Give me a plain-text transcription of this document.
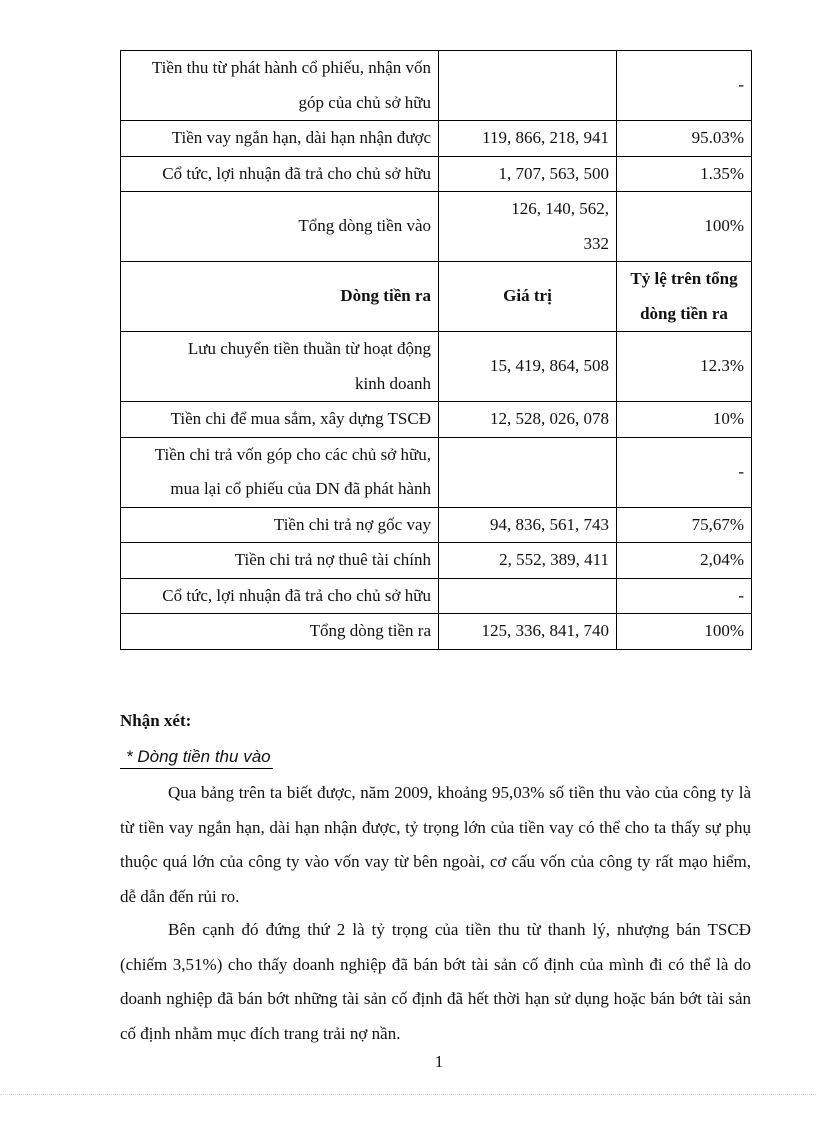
Tiền thu từ phát hành cổ phiếu, nhận vốn góp của chủ sở hữu		-
Tiền vay ngắn hạn, dài hạn nhận được	119, 866, 218, 941	95.03%
Cổ tức, lợi nhuận đã trả cho chủ sở hữu	1, 707, 563, 500	1.35%
Tổng dòng tiền vào	126, 140, 562, 332	100%
Dòng tiền ra	Giá trị	Tỷ lệ trên tổng dòng tiền ra
Lưu chuyển tiền thuần từ hoạt động kinh doanh	15, 419, 864, 508	12.3%
Tiền chi để mua sắm, xây dựng TSCĐ	12, 528, 026, 078	10%
Tiền chi trả vốn góp cho các chủ sở hữu, mua lại cổ phiếu của DN đã phát hành		-
Tiền chi trả nợ gốc vay	94, 836, 561, 743	75,67%
Tiền chi trả nợ thuê tài chính	2, 552, 389, 411	2,04%
Cổ tức, lợi nhuận đã trả cho chủ sở hữu		-
Tổng dòng tiền ra	125, 336, 841, 740	100%
Nhận xét:
* Dòng tiền thu vào

Qua bảng trên ta biết được, năm 2009, khoảng 95,03% số tiền thu vào của công ty là từ tiền vay ngắn hạn, dài hạn nhận được, tỷ trọng lớn của tiền vay có thể cho ta thấy sự phụ thuộc quá lớn của công ty vào vốn vay từ bên ngoài, cơ cấu vốn của công ty rất mạo hiểm, dễ dẫn đến rủi ro.

Bên cạnh đó đứng thứ 2 là tỷ trọng của tiền thu từ thanh lý, nhượng bán TSCĐ (chiếm 3,51%) cho thấy doanh nghiệp đã bán bớt tài sản cố định của mình đi có thể là do doanh nghiệp đã bán bớt những tài sản cố định đã hết thời hạn sử dụng hoặc bán bớt tài sản cố định nhằm mục đích trang trải nợ nần.

1
